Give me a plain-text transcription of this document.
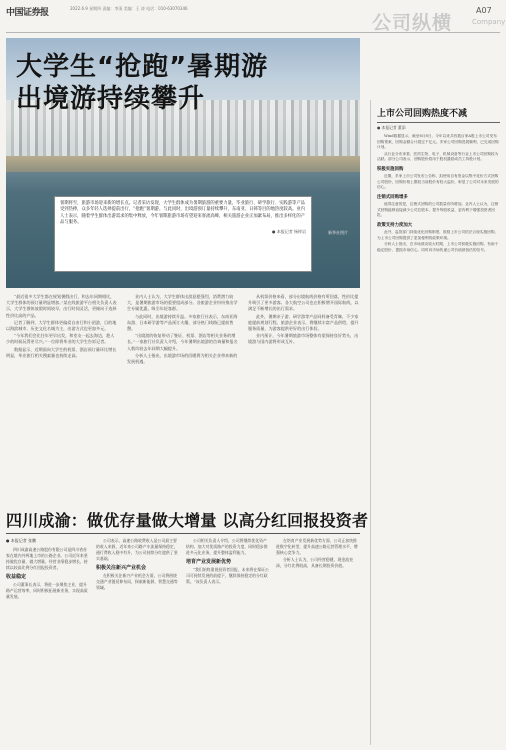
中国证券报	2022.6.9 星期四 责编：李清 美编：王 涛 电话：010-63070346
公司纵横
A07
Company
大学生“抢跑”暑期游
出境游持续攀升
新华社图片
暑期将至，旅游市场迎来新的增长点。记者采访发现，大学生群体成为暑期旅游的重要力量，毕业旅行、研学旅行、实践游等产品受到热捧，众多年轻人选择提前出行，“抢跑”暑期游。与此同时，出境游预订量持续攀升，东南亚、日韩等目的地热度较高。业内人士表示，随着学生群体出游需求的集中释放，今年暑期旅游市场有望迎来客流高峰，相关旅游企业正加紧布局，推出多样化的产品与服务。
● 本报记者 杨梓岩

“最近很多大学生都在规划暑假出行，和去年同期相比，大学生群体的预订量明显增加。”某在线旅游平台相关负责人表示，大学生群体放假时间较早，出行时间灵活，更倾向于选择性价比高的产品。

记者了解到，大学生群体更偏爱自由行和小团游，目的地以海滨城市、历史文化名城为主，出游方式也更加多元。

“今年我们会比往年更早出发，和室友一起去海边，趁人少的时候玩得更尽兴。”一位即将毕业的大学生告诉记者。

数据显示，近期面向大学生的机票、酒店预订量环比增长明显，毕业旅行相关搜索量也持续走高。

业内人士认为，大学生群体出游意愿强烈，消费潜力较大，是暑期旅游市场的重要组成部分。各旅游企业纷纷推出学生专属优惠，吸引年轻客群。

与此同时，出境游持续升温。多家旅行社表示，东南亚海岛游、日本研学游等产品预订火爆，部分热门线路已提前售罄。

“出境游的恢复带动了签证、机票、酒店等相关业务的增长。”一家旅行社负责人介绍，今年暑期出境游的咨询量和报名人数均较去年同期大幅提升。

分析人士指出，出境游市场的回暖将为相关企业带来新的发展机遇。

从机票价格来看，部分出境航线价格有所回落，性价比提升吸引了更多游客。各大航空公司也在积极增开国际航线，以满足不断增长的出行需求。

此外，暑期亲子游、研学游等产品同样备受青睐，不少家庭提前规划行程。旅游企业表示，将继续丰富产品供给，提升服务质量，为游客提供更好的出行体验。

业内预计，今年暑期旅游市场整体有望保持良好势头，出境游与国内游将形成互补。

四川成渝：做优存量做大增量 以高分红回报投资者
● 本报记者 张鹏

四川成渝高速公路股份有限公司是四川省首家在境内外两地上市的公路企业。公司近年来坚持做优存量、做大增量，经营业绩稳步增长，持续以较高比例分红回报投资者。

收益稳定

公司董事长表示，将进一步聚焦主业，提升路产运营效率，同时积极拓展新业务，实现高质量发展。

公司表示，高速公路收费收入是公司最主要的收入来源，近年来公司路产车流量保持稳定，通行费收入稳中有升，为公司持续分红提供了坚实基础。

积极关注新兴产业机会

在积极关注新兴产业机会方面，公司将围绕交通产业链延伸布局，探索新能源、智慧交通等领域。

公司相关负责人介绍，公司将继续优化资产结构，加大对优质路产的投资力度，同时稳步推进多元化业务，提升整体盈利能力。

培育产业发展新优势

“我们始终重视投资者回报，未来将在保证公司可持续发展的前提下，继续保持稳定的分红政策。”该负责人表示。

在培育产业发展新优势方面，公司正加快推进数字化转型，提升高速公路运营管理水平，增强核心竞争力。

分析人士认为，公司经营稳健，现金流充沛，分红比例较高，具备长期投资价值。

上市公司回购热度不减
● 本报记者 董添

Wind数据显示，截至6月8日，今年以来共有数百家A股上市公司发布回购预案，回购金额合计超过千亿元。多家公司回购进展顺利，已完成回购计划。

从行业分布来看，医药生物、电子、机械设备等行业上市公司回购较为活跃。部分公司表示，回购股份将用于股权激励或员工持股计划。

积极实施回购

近期，多家上市公司发布公告称，拟使用自有资金以集中竞价方式回购公司股份，回购价格上限较当前股价有较大溢价，彰显了公司对未来发展的信心。

注销式回购增多

值得注意的是，注销式回购的公司数量有所增加。业内人士认为，注销式回购能够直接减少公司总股本，提升每股收益，更有利于增强投资者回报。

政策支持力度加大

此外，监管部门持续优化回购制度，鼓励上市公司依法合规实施回购，为上市公司回购提供了更加便利的政策环境。

分析人士指出，在市场波动较大时期，上市公司积极实施回购，有助于稳定股价、提振市场信心，同时向市场传递公司价值被低估的信号。
